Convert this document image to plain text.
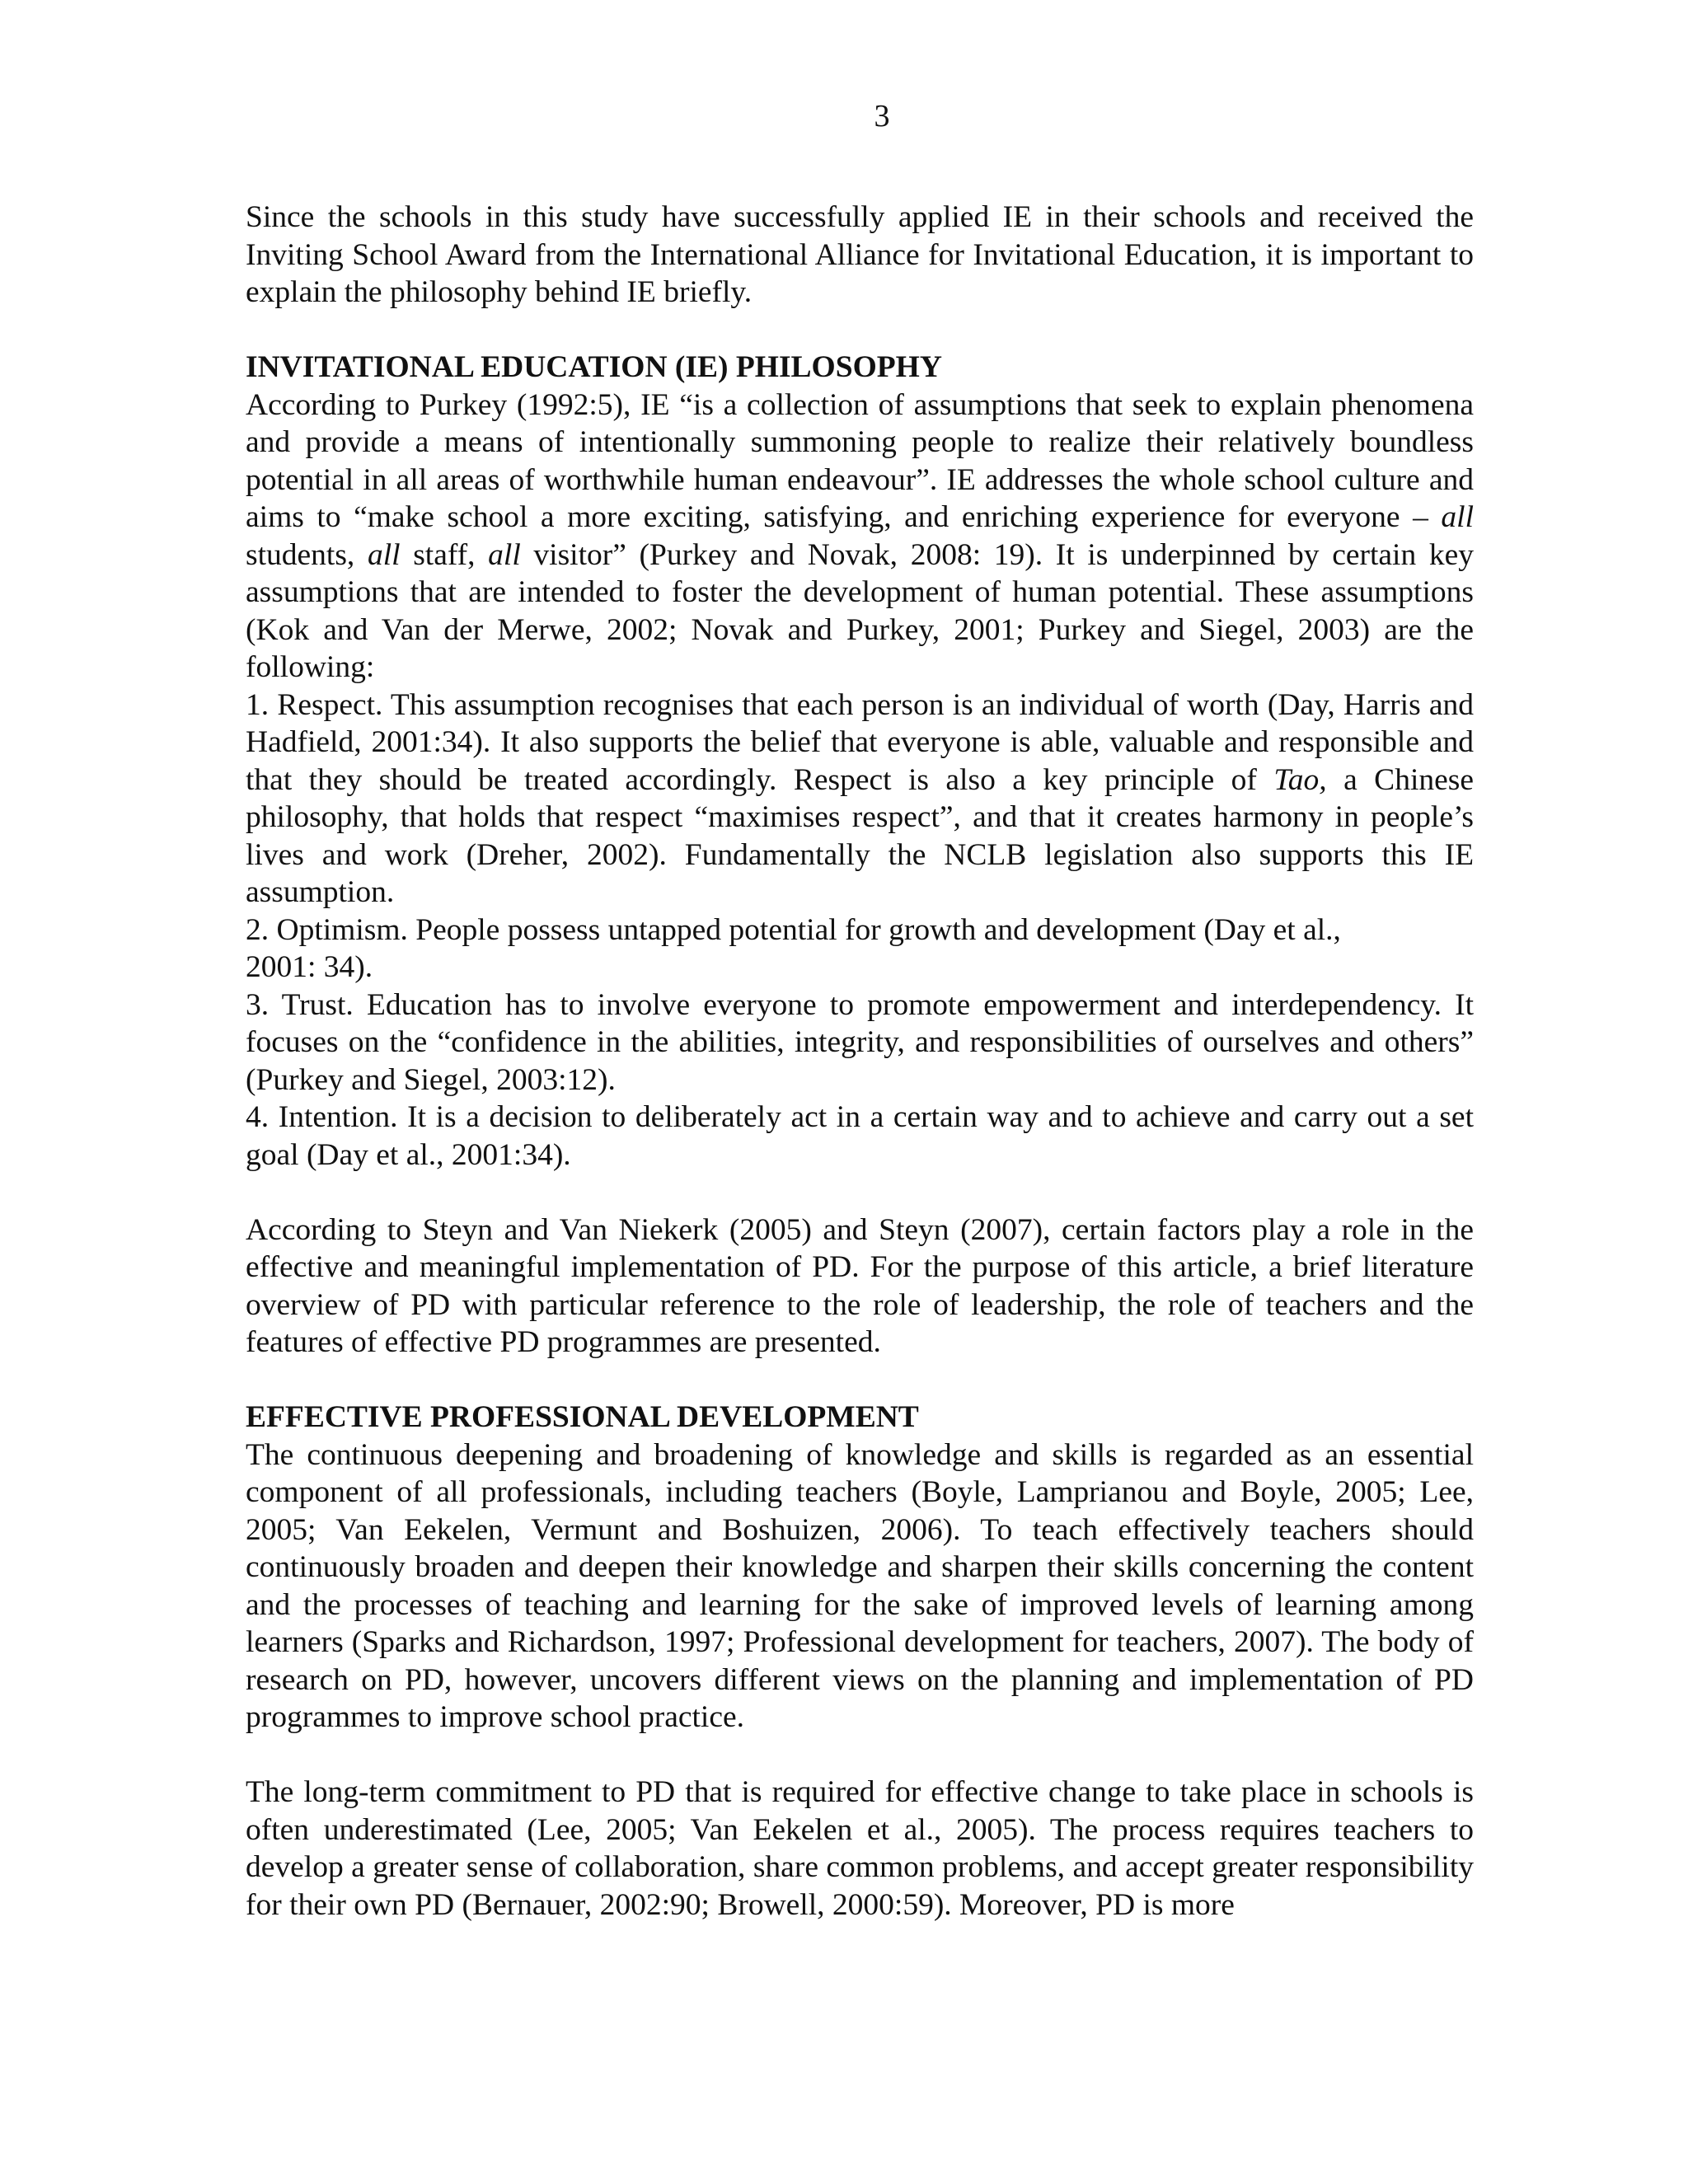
3

Since the schools in this study have successfully applied IE in their schools and received the Inviting School Award from the International Alliance for Invitational Education, it is important to explain the philosophy behind IE briefly.

INVITATIONAL EDUCATION (IE) PHILOSOPHY

According to Purkey (1992:5), IE “is a collection of assumptions that seek to explain phenomena and provide a means of intentionally summoning people to realize their relatively boundless potential in all areas of worthwhile human endeavour”. IE addresses the whole school culture and aims to “make school a more exciting, satisfying, and enriching experience for everyone – all students, all staff, all visitor” (Purkey and Novak, 2008: 19). It is underpinned by certain key assumptions that are intended to foster the development of human potential. These assumptions (Kok and Van der Merwe, 2002; Novak and Purkey, 2001; Purkey and Siegel, 2003) are the following:

1. Respect. This assumption recognises that each person is an individual of worth (Day, Harris and Hadfield, 2001:34). It also supports the belief that everyone is able, valuable and responsible and that they should be treated accordingly. Respect is also a key principle of Tao, a Chinese philosophy, that holds that respect “maximises respect”, and that it creates harmony in people’s lives and work (Dreher, 2002). Fundamentally the NCLB legislation also supports this IE assumption.

2. Optimism. People possess untapped potential for growth and development (Day et al.,
2001: 34).

3. Trust. Education has to involve everyone to promote empowerment and interdependency. It focuses on the “confidence in the abilities, integrity, and responsibilities of ourselves and others” (Purkey and Siegel, 2003:12).

4. Intention. It is a decision to deliberately act in a certain way and to achieve and carry out a set goal (Day et al., 2001:34).

According to Steyn and Van Niekerk (2005) and Steyn (2007), certain factors play a role in the effective and meaningful implementation of PD. For the purpose of this article, a brief literature overview of PD with particular reference to the role of leadership, the role of teachers and the features of effective PD programmes are presented.

EFFECTIVE PROFESSIONAL DEVELOPMENT

The continuous deepening and broadening of knowledge and skills is regarded as an essential component of all professionals, including teachers (Boyle, Lamprianou and Boyle, 2005; Lee, 2005; Van Eekelen, Vermunt and Boshuizen, 2006). To teach effectively teachers should continuously broaden and deepen their knowledge and sharpen their skills concerning the content and the processes of teaching and learning for the sake of improved levels of learning among learners (Sparks and Richardson, 1997; Professional development for teachers, 2007). The body of research on PD, however, uncovers different views on the planning and implementation of PD programmes to improve school practice.

The long-term commitment to PD that is required for effective change to take place in schools is often underestimated (Lee, 2005; Van Eekelen et al., 2005). The process requires teachers to develop a greater sense of collaboration, share common problems, and accept greater responsibility for their own PD (Bernauer, 2002:90; Browell, 2000:59). Moreover, PD is more
